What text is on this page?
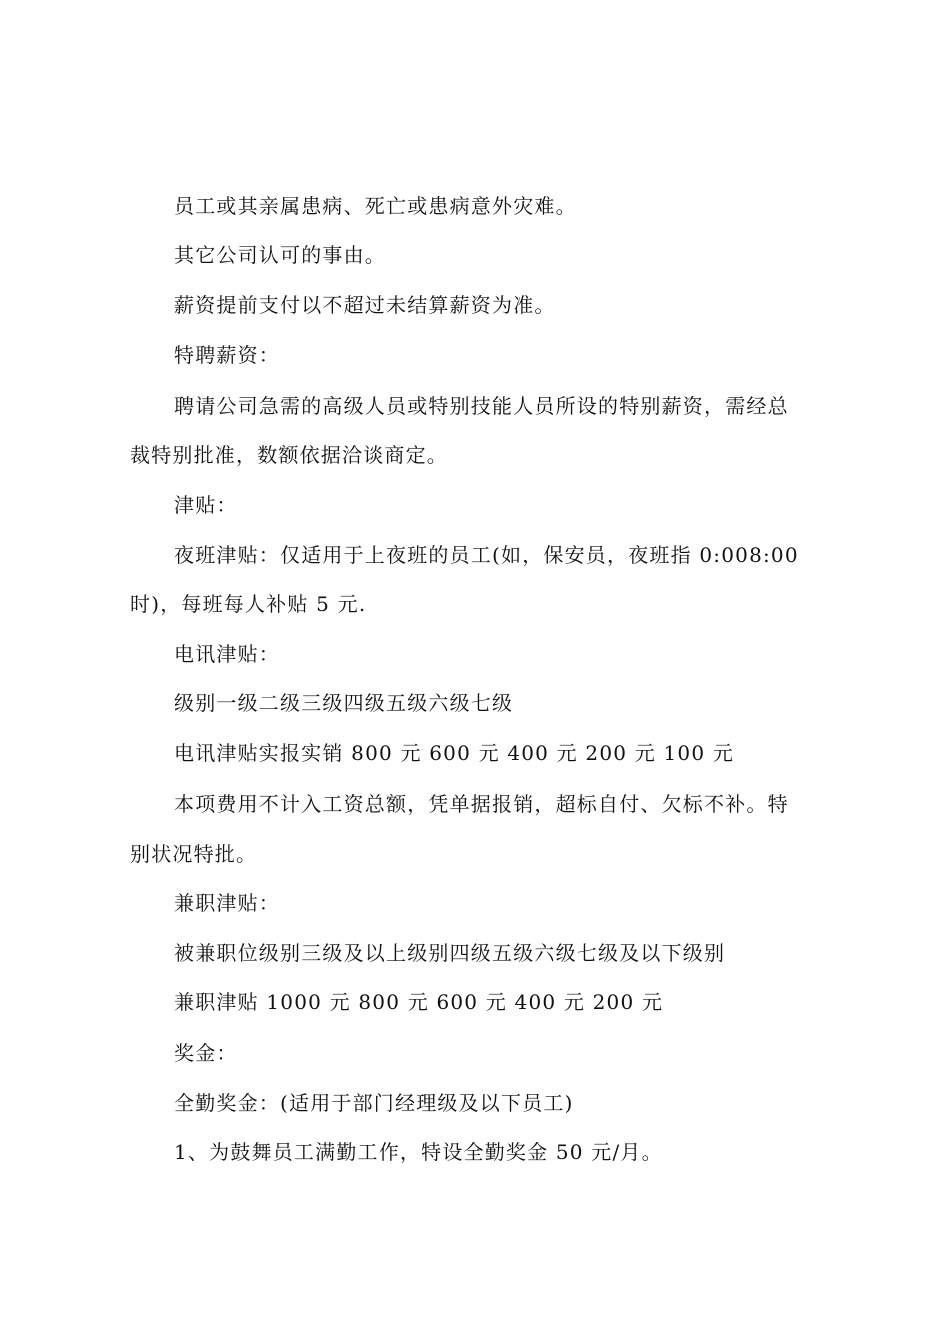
员工或其亲属患病、死亡或患病意外灾难。
其它公司认可的事由。
薪资提前支付以不超过未结算薪资为准。
特聘薪资：
聘请公司急需的高级人员或特别技能人员所设的特别薪资，需经总
裁特别批准，数额依据洽谈商定。
津贴：
夜班津贴：仅适用于上夜班的员工(如，保安员，夜班指 0:008:00
时)，每班每人补贴 5 元.
电讯津贴：
级别一级二级三级四级五级六级七级
电讯津贴实报实销 800 元 600 元 400 元 200 元 100 元
本项费用不计入工资总额，凭单据报销，超标自付、欠标不补。特
别状况特批。
兼职津贴：
被兼职位级别三级及以上级别四级五级六级七级及以下级别
兼职津贴 1000 元 800 元 600 元 400 元 200 元
奖金：
全勤奖金：(适用于部门经理级及以下员工)
1、为鼓舞员工满勤工作，特设全勤奖金 50 元/月。
